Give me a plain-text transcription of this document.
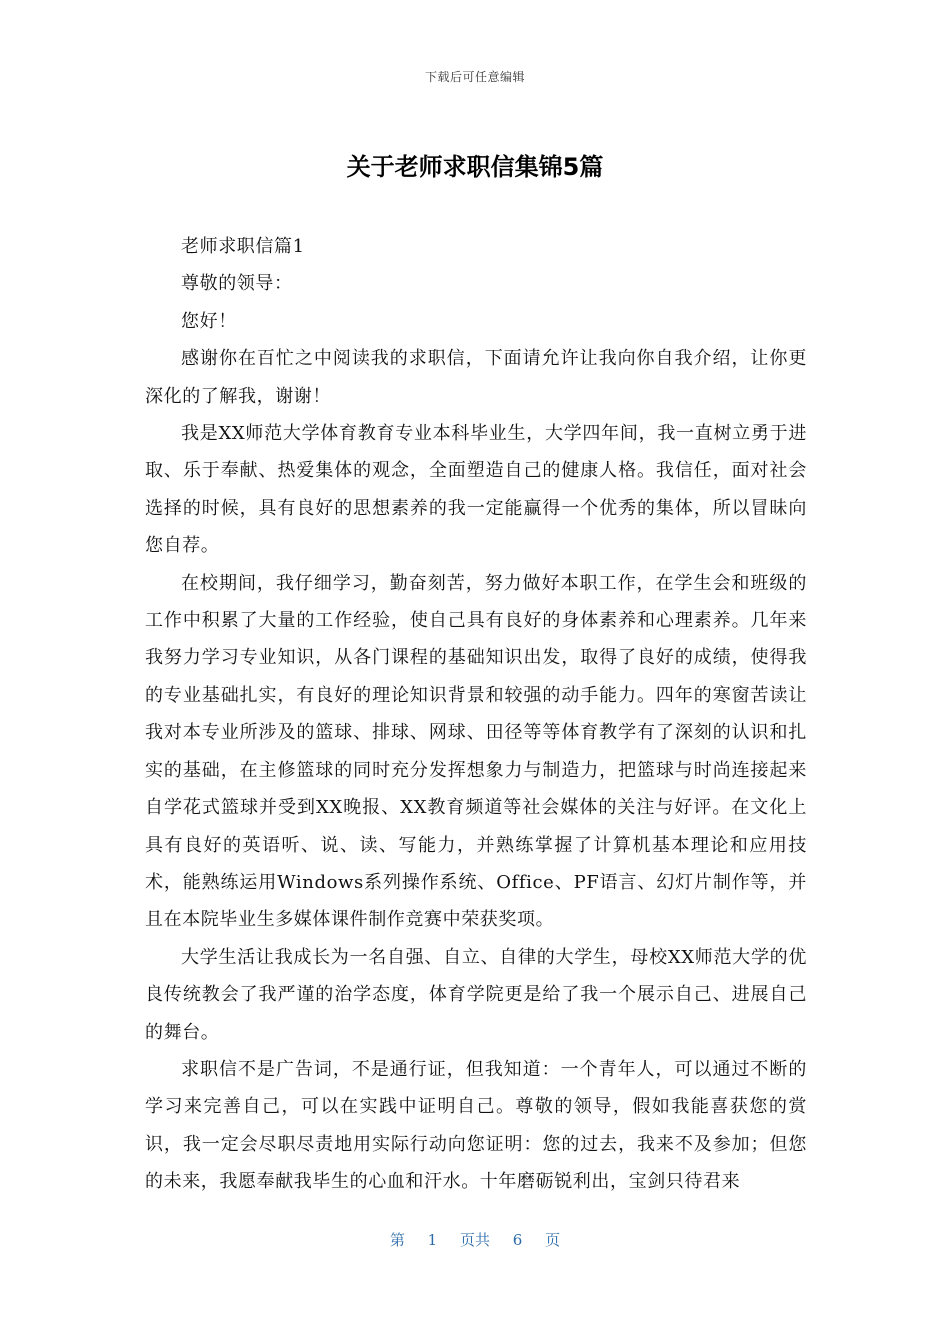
下载后可任意编辑
关于老师求职信集锦5篇

老师求职信篇1

尊敬的领导：

您好！

感谢你在百忙之中阅读我的求职信，下面请允许让我向你自我介绍，让你更深化的了解我，谢谢！

我是XX师范大学体育教育专业本科毕业生，大学四年间，我一直树立勇于进取、乐于奉献、热爱集体的观念，全面塑造自己的健康人格。我信任，面对社会选择的时候，具有良好的思想素养的我一定能赢得一个优秀的集体，所以冒昧向您自荐。

在校期间，我仔细学习，勤奋刻苦，努力做好本职工作，在学生会和班级的工作中积累了大量的工作经验，使自己具有良好的身体素养和心理素养。几年来我努力学习专业知识，从各门课程的基础知识出发，取得了良好的成绩，使得我的专业基础扎实，有良好的理论知识背景和较强的动手能力。四年的寒窗苦读让我对本专业所涉及的篮球、排球、网球、田径等等体育教学有了深刻的认识和扎实的基础，在主修篮球的同时充分发挥想象力与制造力，把篮球与时尚连接起来自学花式篮球并受到XX晚报、XX教育频道等社会媒体的关注与好评。在文化上具有良好的英语听、说、读、写能力，并熟练掌握了计算机基本理论和应用技术，能熟练运用Windows系列操作系统、Office、PF语言、幻灯片制作等，并且在本院毕业生多媒体课件制作竞赛中荣获奖项。

大学生活让我成长为一名自强、自立、自律的大学生，母校XX师范大学的优良传统教会了我严谨的治学态度，体育学院更是给了我一个展示自己、进展自己的舞台。

求职信不是广告词，不是通行证，但我知道：一个青年人，可以通过不断的学习来完善自己，可以在实践中证明自己。尊敬的领导，假如我能喜获您的赏识，我一定会尽职尽责地用实际行动向您证明：您的过去，我来不及参加；但您的未来，我愿奉献我毕生的心血和汗水。十年磨砺锐利出，宝剑只待君来

第 1 页共 6 页
